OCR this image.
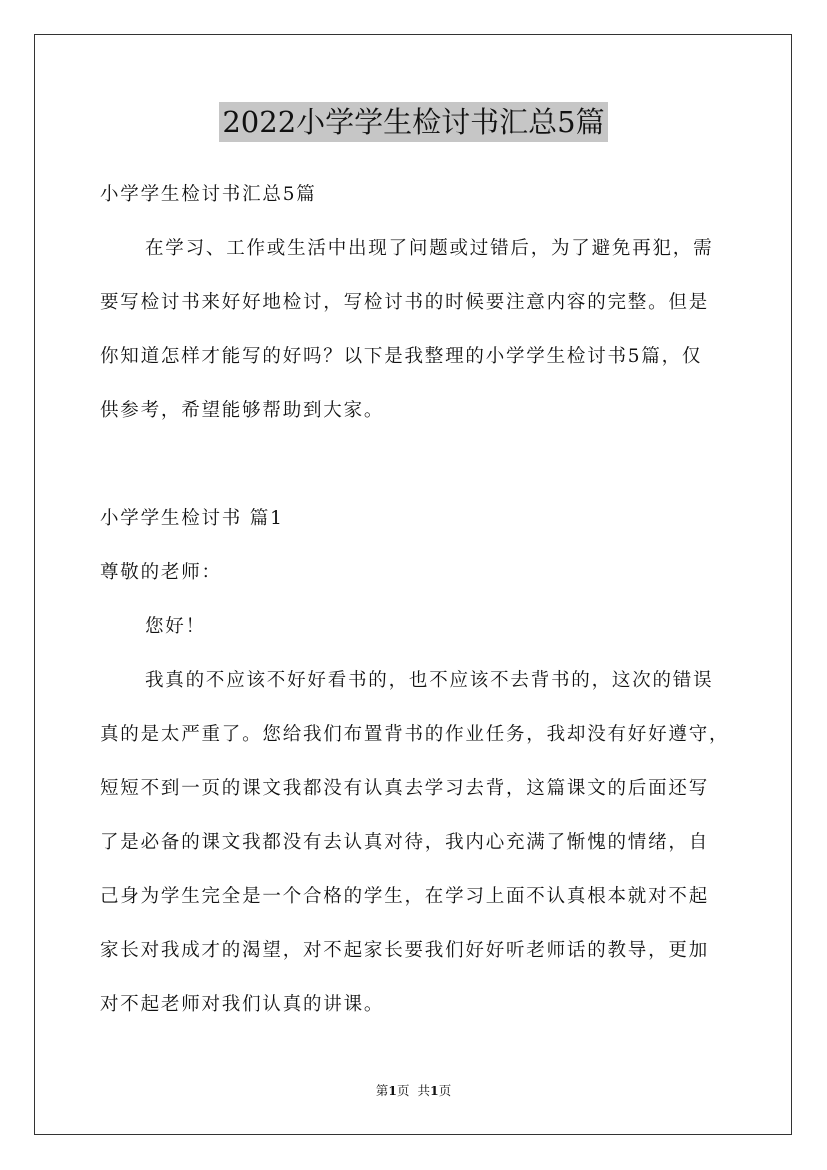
2022小学学生检讨书汇总5篇
小学学生检讨书汇总5篇
在学习、工作或生活中出现了问题或过错后，为了避免再犯，需
要写检讨书来好好地检讨，写检讨书的时候要注意内容的完整。但是
你知道怎样才能写的好吗？以下是我整理的小学学生检讨书5篇，仅
供参考，希望能够帮助到大家。
小学学生检讨书 篇1
尊敬的老师：
您好！
我真的不应该不好好看书的，也不应该不去背书的，这次的错误
真的是太严重了。您给我们布置背书的作业任务，我却没有好好遵守，
短短不到一页的课文我都没有认真去学习去背，这篇课文的后面还写
了是必备的课文我都没有去认真对待，我内心充满了惭愧的情绪，自
己身为学生完全是一个合格的学生，在学习上面不认真根本就对不起
家长对我成才的渴望，对不起家长要我们好好听老师话的教导，更加
对不起老师对我们认真的讲课。
第1页 共1页
